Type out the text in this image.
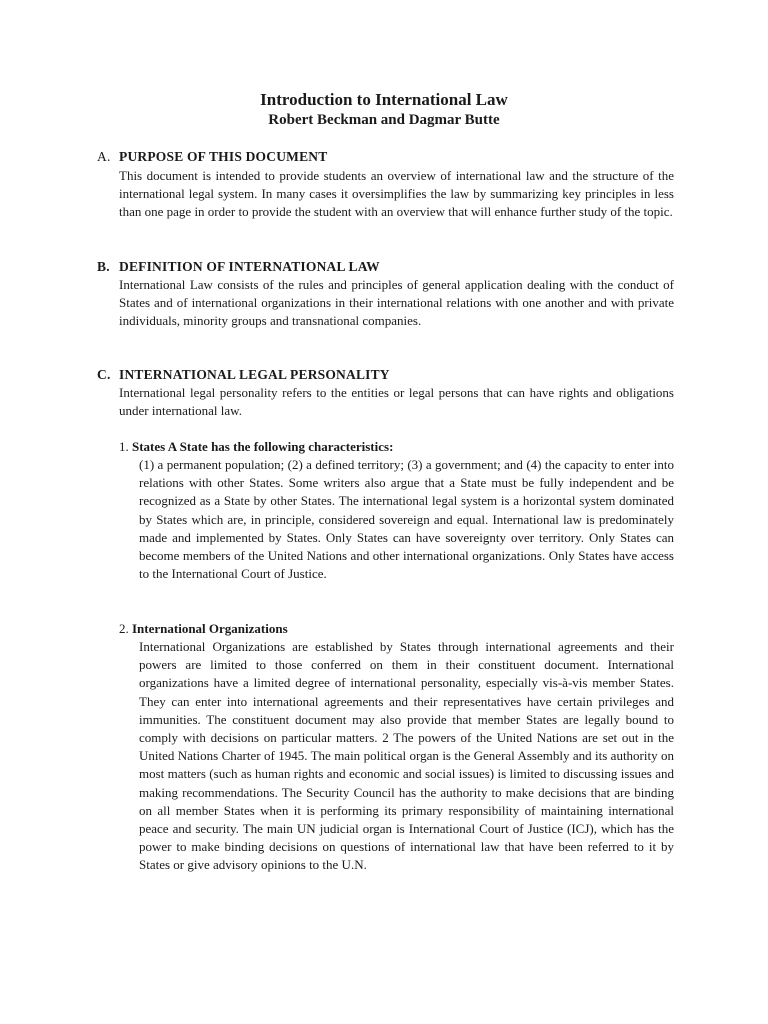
Introduction to International Law
Robert Beckman and Dagmar Butte
A. PURPOSE OF THIS DOCUMENT
This document is intended to provide students an overview of international law and the structure of the international legal system. In many cases it oversimplifies the law by summarizing key principles in less than one page in order to provide the student with an overview that will enhance further study of the topic.
B. DEFINITION OF INTERNATIONAL LAW
International Law consists of the rules and principles of general application dealing with the conduct of States and of international organizations in their international relations with one another and with private individuals, minority groups and transnational companies.
C. INTERNATIONAL LEGAL PERSONALITY
International legal personality refers to the entities or legal persons that can have rights and obligations under international law.
1. States A State has the following characteristics:
(1) a permanent population; (2) a defined territory; (3) a government; and (4) the capacity to enter into relations with other States. Some writers also argue that a State must be fully independent and be recognized as a State by other States. The international legal system is a horizontal system dominated by States which are, in principle, considered sovereign and equal. International law is predominately made and implemented by States. Only States can have sovereignty over territory. Only States can become members of the United Nations and other international organizations. Only States have access to the International Court of Justice.
2. International Organizations
International Organizations are established by States through international agreements and their powers are limited to those conferred on them in their constituent document. International organizations have a limited degree of international personality, especially vis-à-vis member States. They can enter into international agreements and their representatives have certain privileges and immunities. The constituent document may also provide that member States are legally bound to comply with decisions on particular matters. 2 The powers of the United Nations are set out in the United Nations Charter of 1945. The main political organ is the General Assembly and its authority on most matters (such as human rights and economic and social issues) is limited to discussing issues and making recommendations. The Security Council has the authority to make decisions that are binding on all member States when it is performing its primary responsibility of maintaining international peace and security. The main UN judicial organ is International Court of Justice (ICJ), which has the power to make binding decisions on questions of international law that have been referred to it by States or give advisory opinions to the U.N.
